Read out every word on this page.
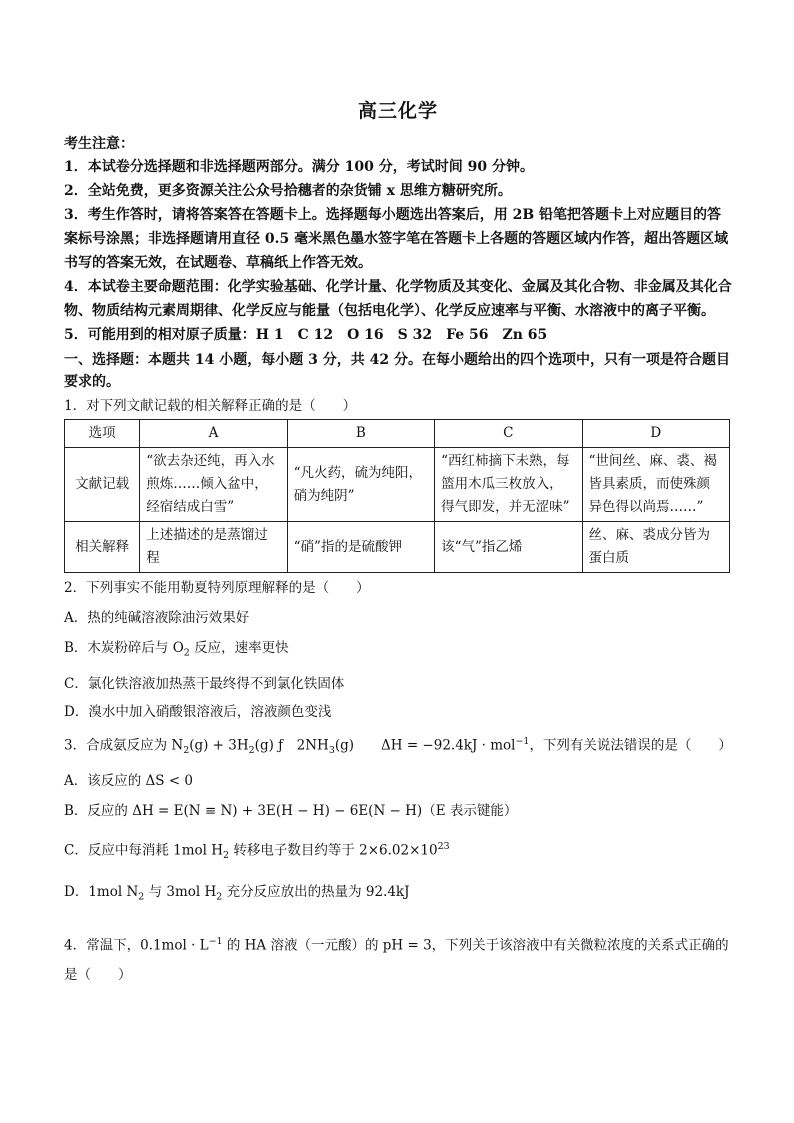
高三化学
考生注意：

1．本试卷分选择题和非选择题两部分。满分 100 分，考试时间 90 分钟。

2．全站免费，更多资源关注公众号拾穗者的杂货铺 x 思维方糖研究所。

3．考生作答时，请将答案答在答题卡上。选择题每小题选出答案后，用 2B 铅笔把答题卡上对应题目的答案标号涂黑；非选择题请用直径 0.5 毫米黑色墨水签字笔在答题卡上各题的答题区域内作答，超出答题区域书写的答案无效，在试题卷、草稿纸上作答无效。

4．本试卷主要命题范围：化学实验基础、化学计量、化学物质及其变化、金属及其化合物、非金属及其化合物、物质结构元素周期律、化学反应与能量（包括电化学）、化学反应速率与平衡、水溶液中的离子平衡。

5．可能用到的相对原子质量：H 1　C 12　O 16　S 32　Fe 56　Zn 65

一、选择题：本题共 14 小题，每小题 3 分，共 42 分。在每小题给出的四个选项中，只有一项是符合题目要求的。
1．对下列文献记载的相关解释正确的是（　　）
选项	A	B	C	D
文献记载	“欲去杂还纯，再入水煎炼……倾入盆中，经宿结成白雪”	“凡火药，硫为纯阳，硝为纯阴”	“西红柿摘下未熟，每篮用木瓜三枚放入，得气即发，并无涩味”	“世间丝、麻、裘、褐皆具素质，而使殊颜异色得以尚焉……”
相关解释	上述描述的是蒸馏过程	“硝”指的是硫酸钾	该“气”指乙烯	丝、麻、裘成分皆为蛋白质
2．下列事实不能用勒夏特列原理解释的是（　　）
A．热的纯碱溶液除油污效果好
B．木炭粉碎后与 $O_2$ 反应，速率更快
C．氯化铁溶液加热蒸干最终得不到氯化铁固体
D．溴水中加入硝酸银溶液后，溶液颜色变浅
3．合成氨反应为 $N_2(g) + 3H_2(g)$ ƒ　$2NH_3(g)$　　ΔH = −92.4kJ · mol$^{-1}$，下列有关说法错误的是（　　）
A．该反应的 ΔS < 0
B．反应的 ΔH = E(N ≡ N) + 3E(H − H) − 6E(N − H)（E 表示键能）
C．反应中每消耗 1mol $H_2$ 转移电子数目约等于 $2\times 6.02\times 10^{23}$
D．1mol $N_2$ 与 3mol $H_2$ 充分反应放出的热量为 92.4kJ
4．常温下，$0.1mol \cdot L^{-1}$ 的 HA 溶液（一元酸）的 pH = 3，下列关于该溶液中有关微粒浓度的关系式正确的是（　　）
